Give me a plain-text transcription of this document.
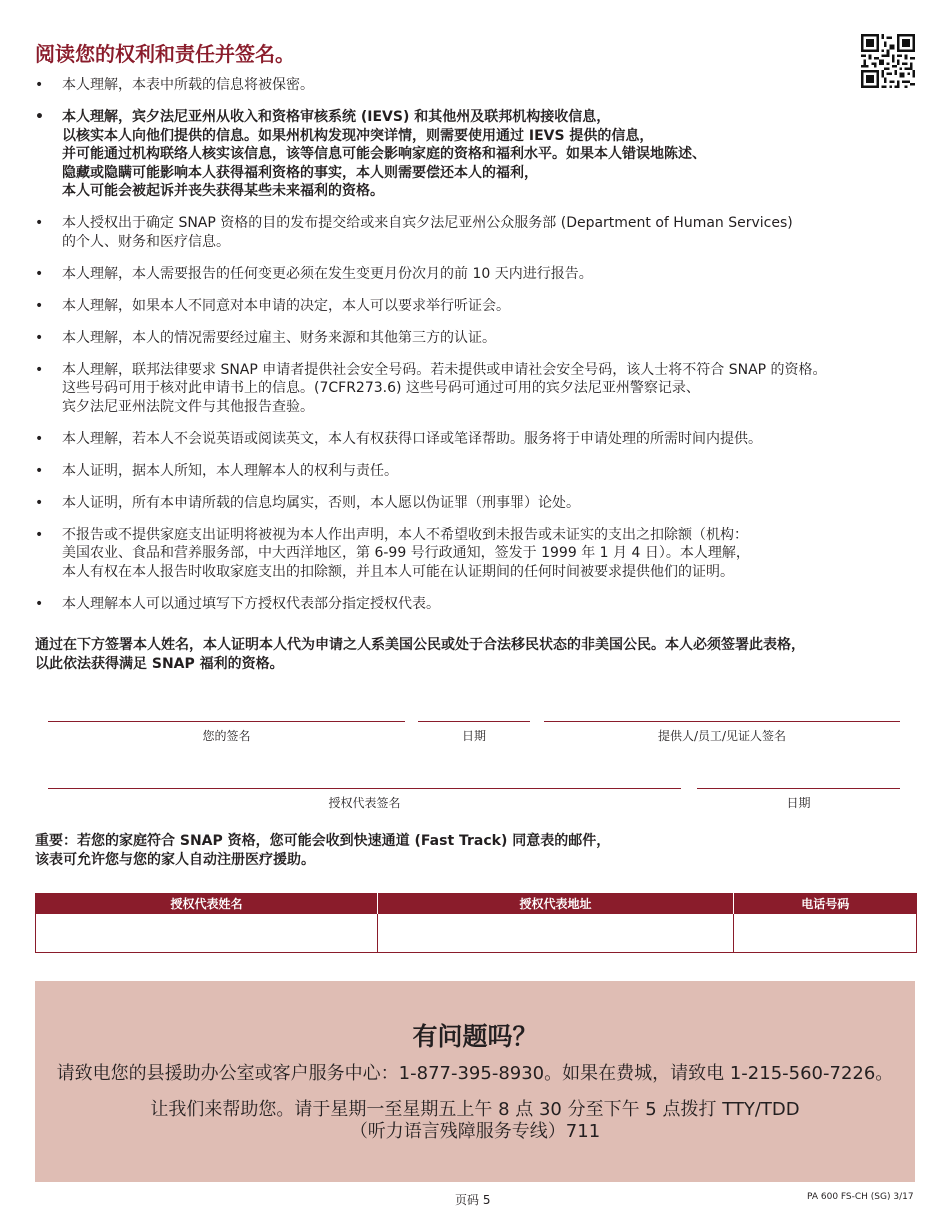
阅读您的权利和责任并签名。
• 本人理解，本表中所载的信息将被保密。
• 本人理解，宾夕法尼亚州从收入和资格审核系统 (IEVS) 和其他州及联邦机构接收信息，
以核实本人向他们提供的信息。如果州机构发现冲突详情，则需要使用通过 IEVS 提供的信息，
并可能通过机构联络人核实该信息，该等信息可能会影响家庭的资格和福利水平。如果本人错误地陈述、
隐藏或隐瞒可能影响本人获得福利资格的事实，本人则需要偿还本人的福利，
本人可能会被起诉并丧失获得某些未来福利的资格。
• 本人授权出于确定 SNAP 资格的目的发布提交给或来自宾夕法尼亚州公众服务部 (Department of Human Services)
的个人、财务和医疗信息。
• 本人理解，本人需要报告的任何变更必须在发生变更月份次月的前 10 天内进行报告。
• 本人理解，如果本人不同意对本申请的决定，本人可以要求举行听证会。
• 本人理解，本人的情况需要经过雇主、财务来源和其他第三方的认证。
• 本人理解，联邦法律要求 SNAP 申请者提供社会安全号码。若未提供或申请社会安全号码，该人士将不符合 SNAP 的资格。
这些号码可用于核对此申请书上的信息。(7CFR273.6) 这些号码可通过可用的宾夕法尼亚州警察记录、
宾夕法尼亚州法院文件与其他报告查验。
• 本人理解，若本人不会说英语或阅读英文，本人有权获得口译或笔译帮助。服务将于申请处理的所需时间内提供。
• 本人证明，据本人所知，本人理解本人的权利与责任。
• 本人证明，所有本申请所载的信息均属实，否则，本人愿以伪证罪（刑事罪）论处。
• 不报告或不提供家庭支出证明将被视为本人作出声明，本人不希望收到未报告或未证实的支出之扣除额（机构：
美国农业、食品和营养服务部，中大西洋地区，第 6-99 号行政通知，签发于 1999 年 1 月 4 日）。本人理解，
本人有权在本人报告时收取家庭支出的扣除额，并且本人可能在认证期间的任何时间被要求提供他们的证明。
• 本人理解本人可以通过填写下方授权代表部分指定授权代表。

通过在下方签署本人姓名，本人证明本人代为申请之人系美国公民或处于合法移民状态的非美国公民。本人必须签署此表格，
以此依法获得满足 SNAP 福利的资格。

您的签名	日期	提供人/员工/见证人签名
授权代表签名	日期

重要：若您的家庭符合 SNAP 资格，您可能会收到快速通道 (Fast Track) 同意表的邮件，
该表可允许您与您的家人自动注册医疗援助。

授权代表姓名	授权代表地址	电话号码

有问题吗？
请致电您的县援助办公室或客户服务中心：1-877-395-8930。如果在费城，请致电 1-215-560-7226。
让我们来帮助您。请于星期一至星期五上午 8 点 30 分至下午 5 点拨打 TTY/TDD
（听力语言残障服务专线）711
页码 5	PA 600 FS-CH (SG) 3/17
